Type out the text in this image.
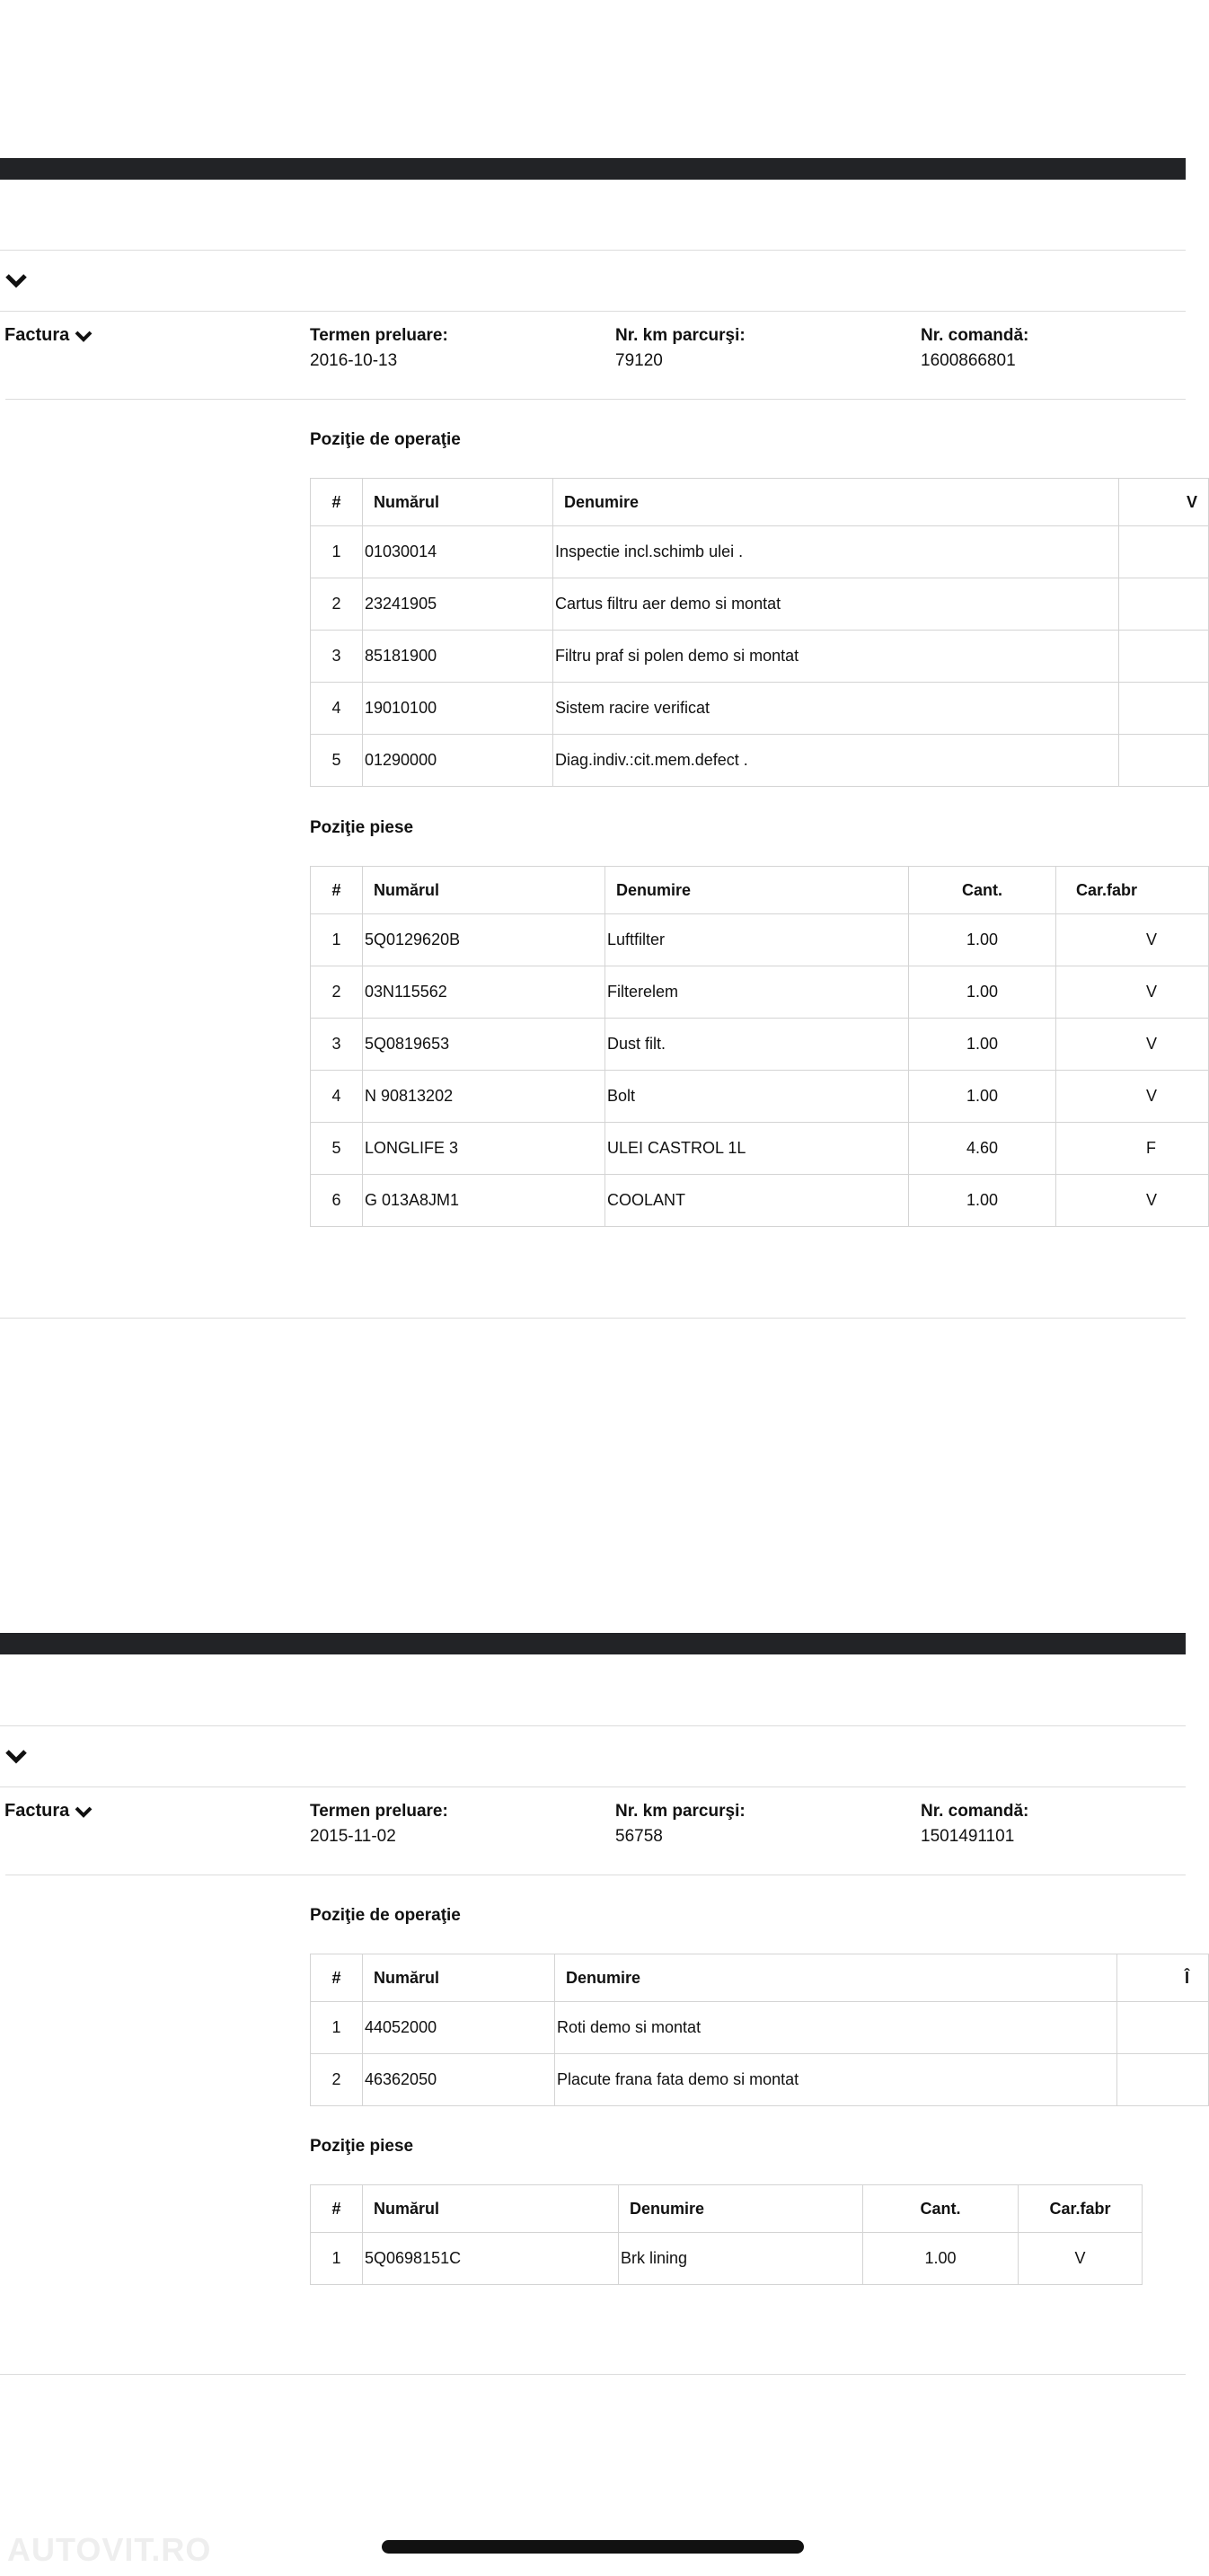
Factura	Termen preluare:
2016-10-13
Nr. km parcurşi:
79120
Nr. comandă:
1600866801
Poziţie de operaţie
#	Numărul	Denumire	V
1	01030014	Inspectie incl.schimb ulei .	
2	23241905	Cartus filtru aer demo si montat	
3	85181900	Filtru praf si polen demo si montat	
4	19010100	Sistem racire verificat	
5	01290000	Diag.indiv.:cit.mem.defect .	
Poziţie piese
#	Numărul	Denumire	Cant.	Car.fabr
1	5Q0129620B	Luftfilter	1.00	V
2	03N115562	Filterelem	1.00	V
3	5Q0819653	Dust filt.	1.00	V
4	N 90813202	Bolt	1.00	V
5	LONGLIFE 3	ULEI CASTROL 1L	4.60	F
6	G 013A8JM1	COOLANT	1.00	V
Factura	Termen preluare:
2015-11-02
Nr. km parcurşi:
56758
Nr. comandă:
1501491101
Poziţie de operaţie
#	Numărul	Denumire	Î
1	44052000	Roti demo si montat	
2	46362050	Placute frana fata demo si montat	
Poziţie piese
#	Numărul	Denumire	Cant.	Car.fabr
1	5Q0698151C	Brk lining	1.00	V
AUTOVIT.RO
